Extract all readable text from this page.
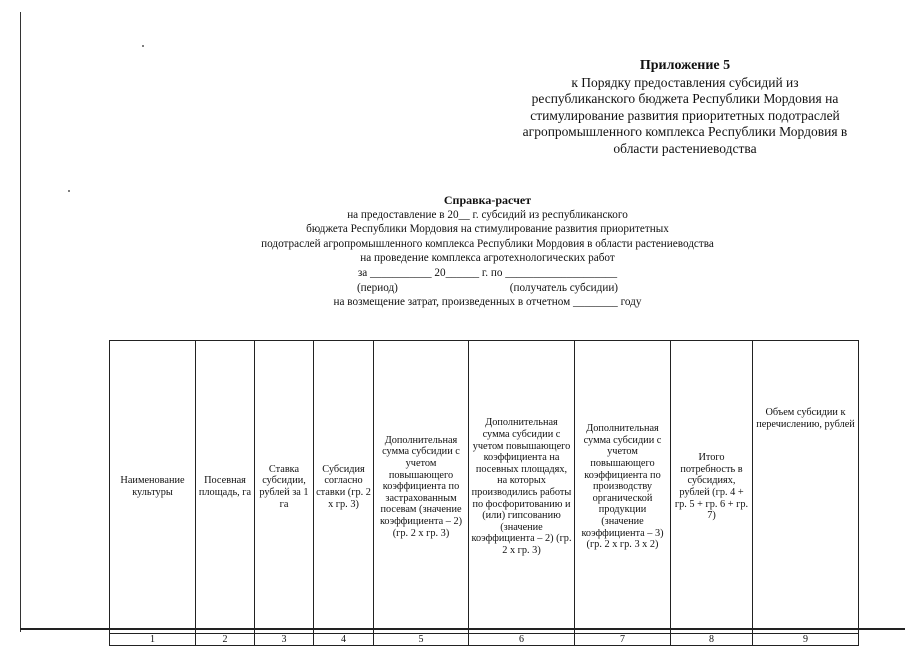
Приложение 5
к Порядку предоставления субсидий из
республиканского бюджета Республики Мордовия на
стимулирование развития приоритетных подотраслей
агропромышленного комплекса Республики Мордовия в
области растениеводства
Справка-расчет
на предоставление в 20__ г. субсидий из республиканского
бюджета Республики Мордовия на стимулирование развития приоритетных
подотраслей агропромышленного комплекса Республики Мордовия в области растениеводства
на проведение комплекса агротехнологических работ
за ___________ 20______ г. по ____________________
(период)                                        (получатель субсидии)
на возмещение затрат, произведенных в отчетном ________ году
Наименование культуры	Посевная площадь, га	Ставка субсидии, рублей за 1 га	Субсидия согласно ставки (гр. 2 х гр. 3)	Дополнительная сумма субсидии с учетом повышающего коэффициента по застрахованным посевам (значение коэффициента – 2) (гр. 2 х гр. 3)	Дополнительная сумма субсидии с учетом повышающего коэффициента на посевных площадях, на которых производились работы по фосфоритованию и (или) гипсованию (значение коэффициента – 2) (гр. 2 х гр. 3)	Дополнительная сумма субсидии с учетом повышающего коэффициента по производству органической продукции (значение коэффициента – 3) (гр. 2 х гр. 3 х 2)	Итого потребность в субсидиях, рублей (гр. 4 + гр. 5 + гр. 6 + гр. 7)	Объем субсидии к перечислению, рублей
1	2	3	4	5	6	7	8	9
